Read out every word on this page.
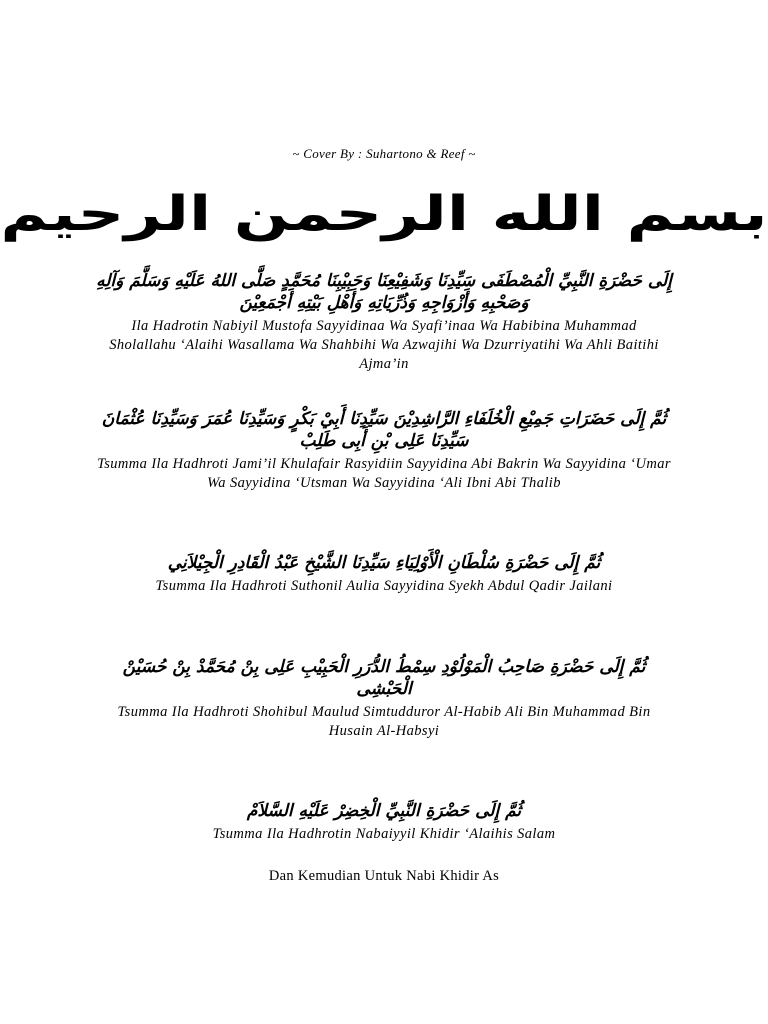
~ Cover By : Suhartono & Reef ~
بسم الله الرحمن الرحيم
إِلَى حَضْرَةِ النَّبِيِّ الْمُصْطَفَى سَيِّدِنَا وَشَفِيْعِنَا وَحَبِيْبِنَا مُحَمَّدٍ صَلَّى اللهُ عَلَيْهِ وَسَلَّمَ وَآلِهِ وَصَحْبِهِ وَأَزْوَاجِهِ وَذُرِّيَاتِهِ وَأَهْلِ بَيْتِهِ أَجْمَعِيْنَ
Ila Hadrotin Nabiyil Mustofa Sayyidinaa Wa Syafi’inaa Wa Habibina Muhammad Sholallahu ‘Alaihi Wasallama Wa Shahbihi Wa Azwajihi Wa Dzurriyatihi Wa Ahli Baitihi Ajma’in
ثُمَّ إِلَى حَضَرَاتِ جَمِيْعِ الْخُلَفَاءِ الرَّاشِدِيْنَ سَيِّدِنَا أَبِيْ بَكْرٍ وَسَيِّدِنَا عُمَرَ وَسَيِّدِنَا عُثْمَانَ سَيِّدِنَا عَلِى بْنِ أَبِى طَلِبْ
Tsumma Ila Hadhroti Jami’il Khulafair Rasyidiin Sayyidina Abi Bakrin Wa Sayyidina ‘Umar Wa Sayyidina ‘Utsman Wa Sayyidina ‘Ali Ibni Abi Thalib
ثُمَّ إِلَى حَضْرَةِ سُلْطَانِ الْأَوْلِيَاءِ سَيِّدِنَا الشَّيْخِ عَبْدُ الْقَادِرِ الْجِيْلاَنِي
Tsumma Ila Hadhroti Suthonil Aulia Sayyidina Syekh Abdul Qadir Jailani
ثُمَّ إِلَى حَضْرَةِ صَاحِبُ الْمَوْلُوْدِ سِمْطُ الدُّرَرِ الْحَبِيْبِ عَلِى بِنْ مُحَمَّدْ بِنْ حُسَيْنْ الْحَبْشِى
Tsumma Ila Hadhroti Shohibul Maulud Simtudduror Al-Habib Ali Bin Muhammad Bin Husain Al-Habsyi
ثُمَّ إِلَى حَضْرَةِ النَّبِيِّ الْخِضِرْ عَلَيْهِ السَّلاَمْ
Tsumma Ila Hadhrotin Nabaiyyil Khidir ‘Alaihis Salam
Dan Kemudian Untuk Nabi Khidir As
